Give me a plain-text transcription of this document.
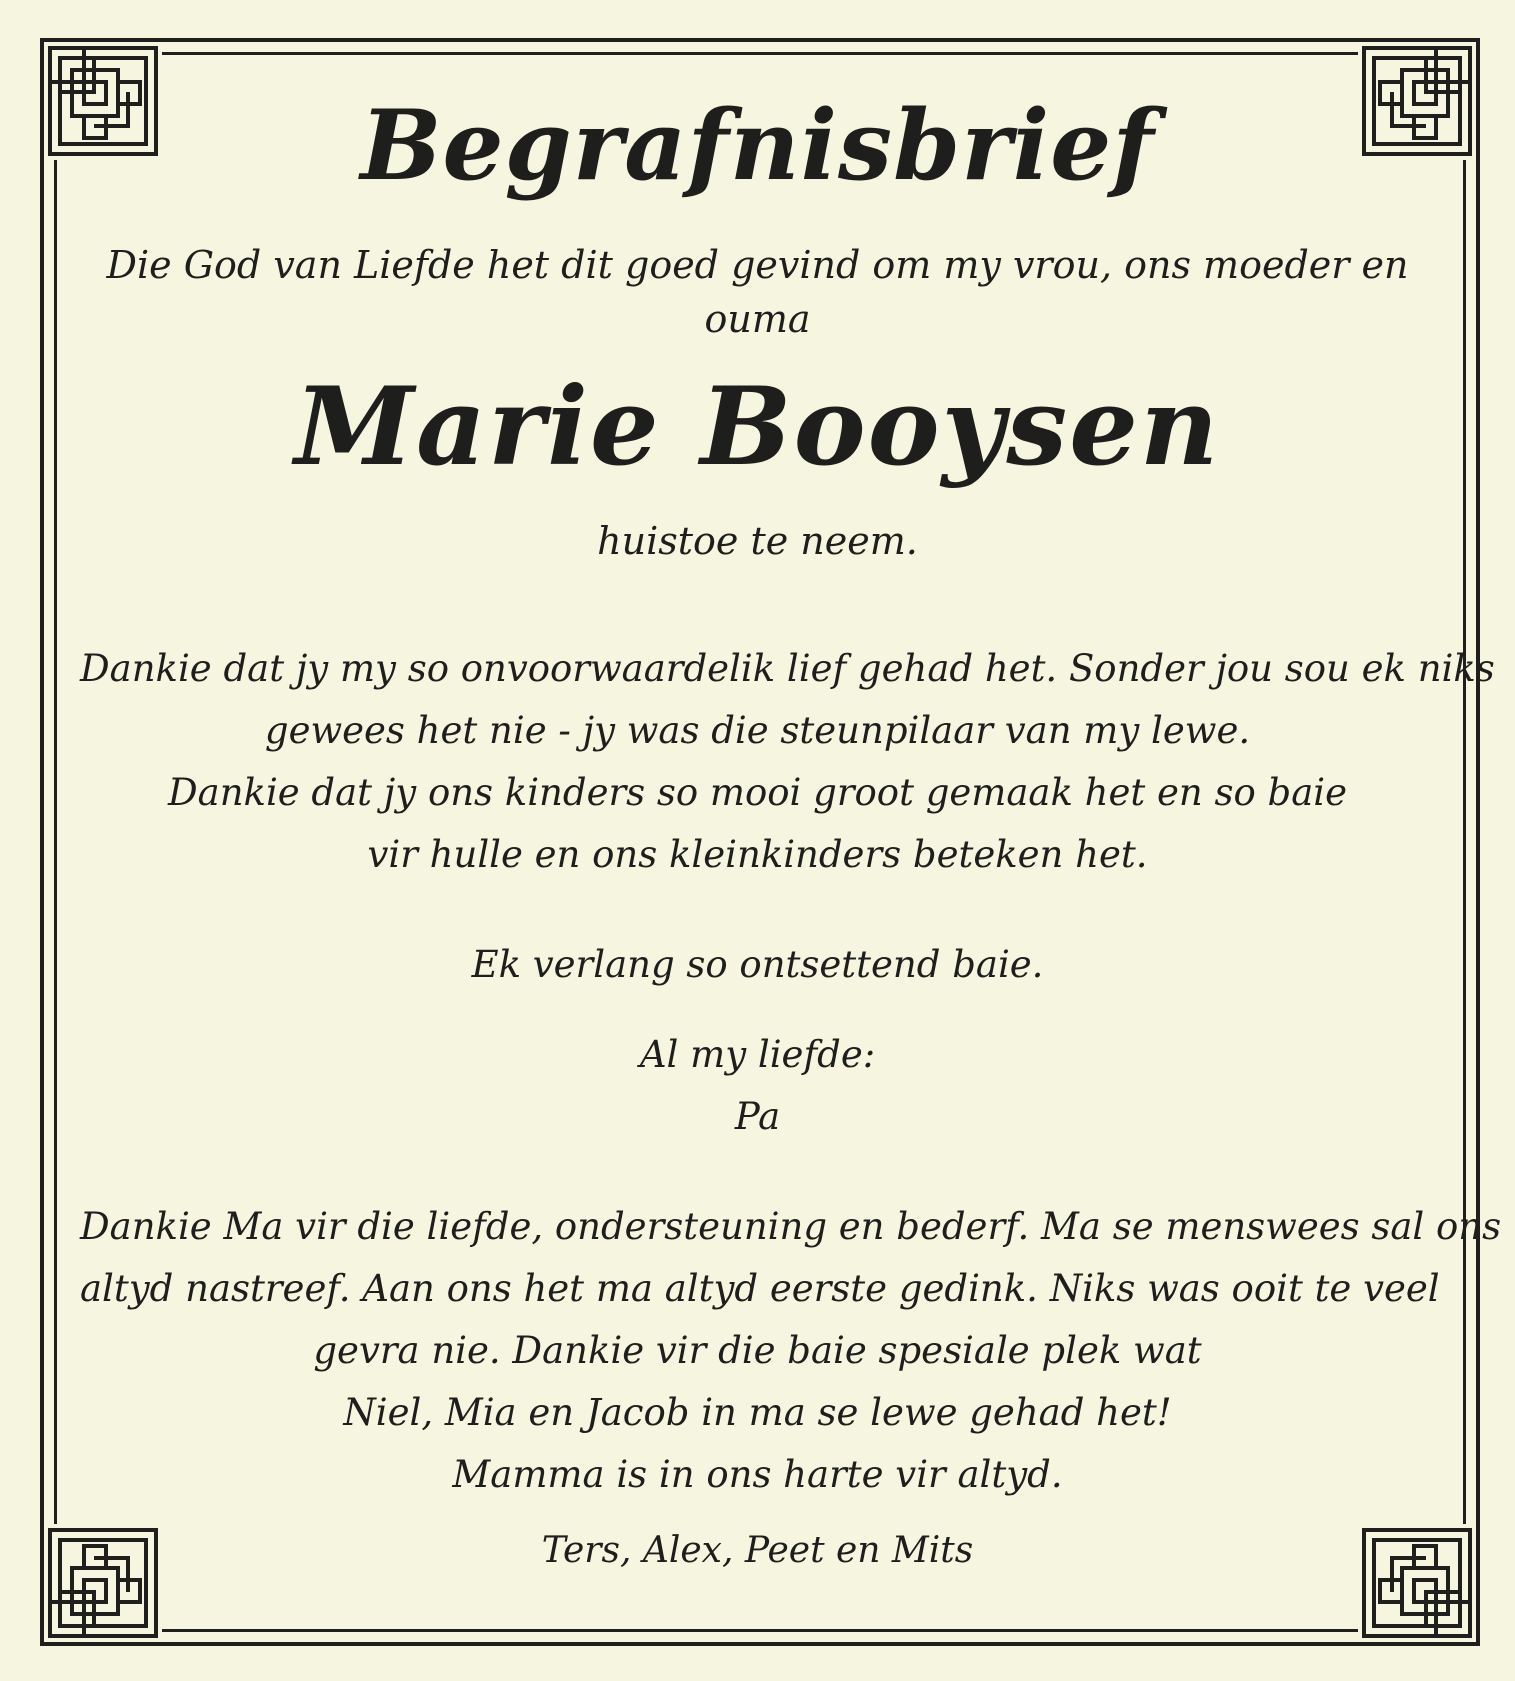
Begrafnisbrief

Die God van Liefde het dit goed gevind om my vrou, ons moeder en ouma

Marie Booysen

huistoe te neem.

Dankie dat jy my so onvoorwaardelik lief gehad het. Sonder jou sou ek niks
gewees het nie - jy was die steunpilaar van my lewe.
Dankie dat jy ons kinders so mooi groot gemaak het en so baie
vir hulle en ons kleinkinders beteken het.

Ek verlang so ontsettend baie.

Al my liefde:
Pa

Dankie Ma vir die liefde, ondersteuning en bederf. Ma se menswees sal ons
altyd nastreef. Aan ons het ma altyd eerste gedink. Niks was ooit te veel
gevra nie. Dankie vir die baie spesiale plek wat
Niel, Mia en Jacob in ma se lewe gehad het!
Mamma is in ons harte vir altyd.

Ters, Alex, Peet en Mits
